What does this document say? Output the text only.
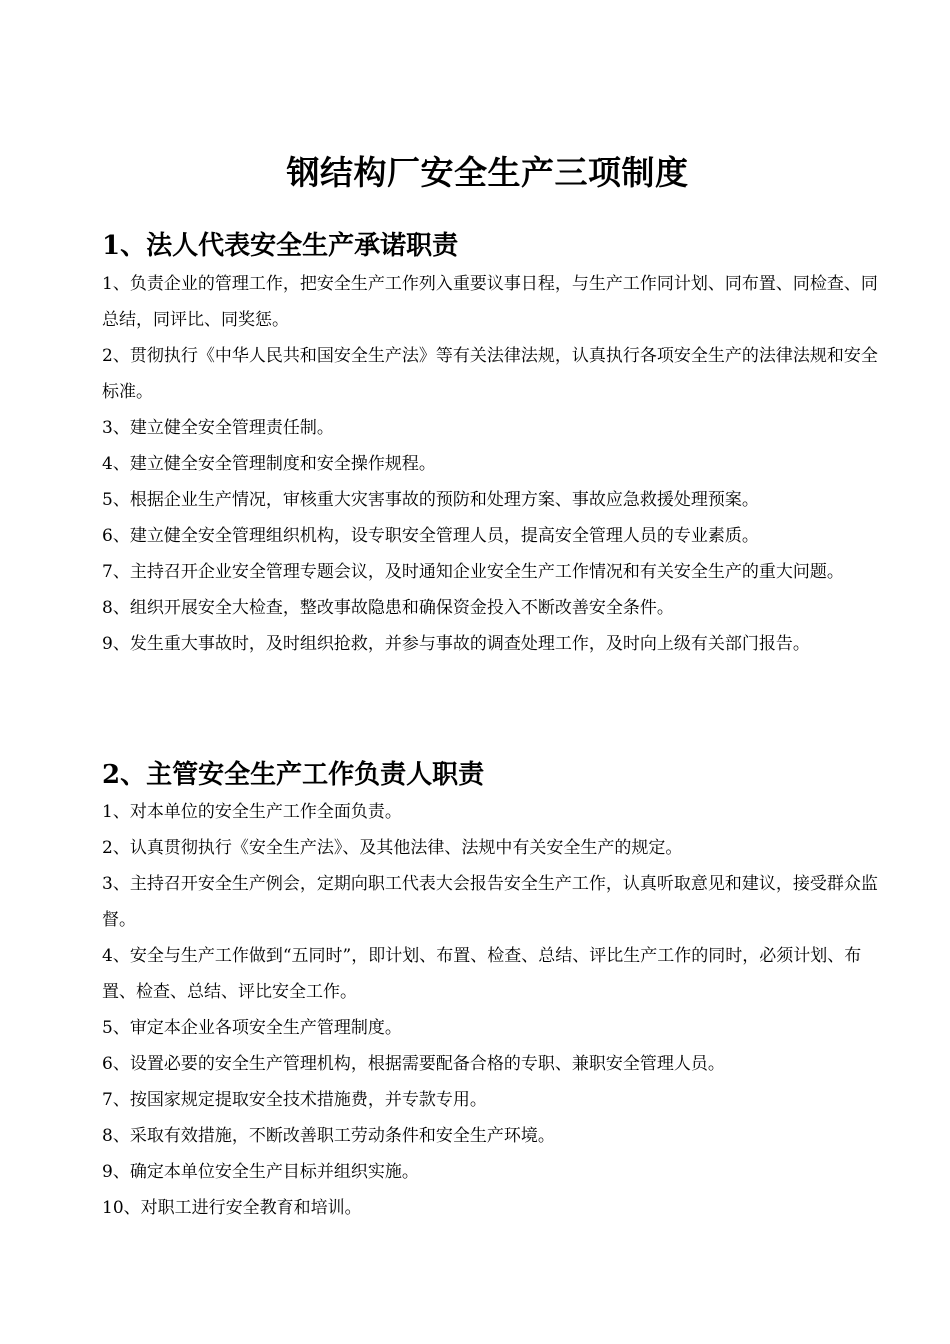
钢结构厂安全生产三项制度
1、法人代表安全生产承诺职责
1、负责企业的管理工作，把安全生产工作列入重要议事日程，与生产工作同计划、同布置、同检查、同总结，同评比、同奖惩。
2、贯彻执行《中华人民共和国安全生产法》等有关法律法规，认真执行各项安全生产的法律法规和安全标准。
3、建立健全安全管理责任制。
4、建立健全安全管理制度和安全操作规程。
5、根据企业生产情况，审核重大灾害事故的预防和处理方案、事故应急救援处理预案。
6、建立健全安全管理组织机构，设专职安全管理人员，提高安全管理人员的专业素质。
7、主持召开企业安全管理专题会议，及时通知企业安全生产工作情况和有关安全生产的重大问题。
8、组织开展安全大检查，整改事故隐患和确保资金投入不断改善安全条件。
9、发生重大事故时，及时组织抢救，并参与事故的调查处理工作，及时向上级有关部门报告。
2、主管安全生产工作负责人职责
1、对本单位的安全生产工作全面负责。
2、认真贯彻执行《安全生产法》、及其他法律、法规中有关安全生产的规定。
3、主持召开安全生产例会，定期向职工代表大会报告安全生产工作，认真听取意见和建议，接受群众监督。
4、安全与生产工作做到“五同时”，即计划、布置、检查、总结、评比生产工作的同时，必须计划、布置、检查、总结、评比安全工作。
5、审定本企业各项安全生产管理制度。
6、设置必要的安全生产管理机构，根据需要配备合格的专职、兼职安全管理人员。
7、按国家规定提取安全技术措施费，并专款专用。
8、采取有效措施，不断改善职工劳动条件和安全生产环境。
9、确定本单位安全生产目标并组织实施。
10、对职工进行安全教育和培训。
